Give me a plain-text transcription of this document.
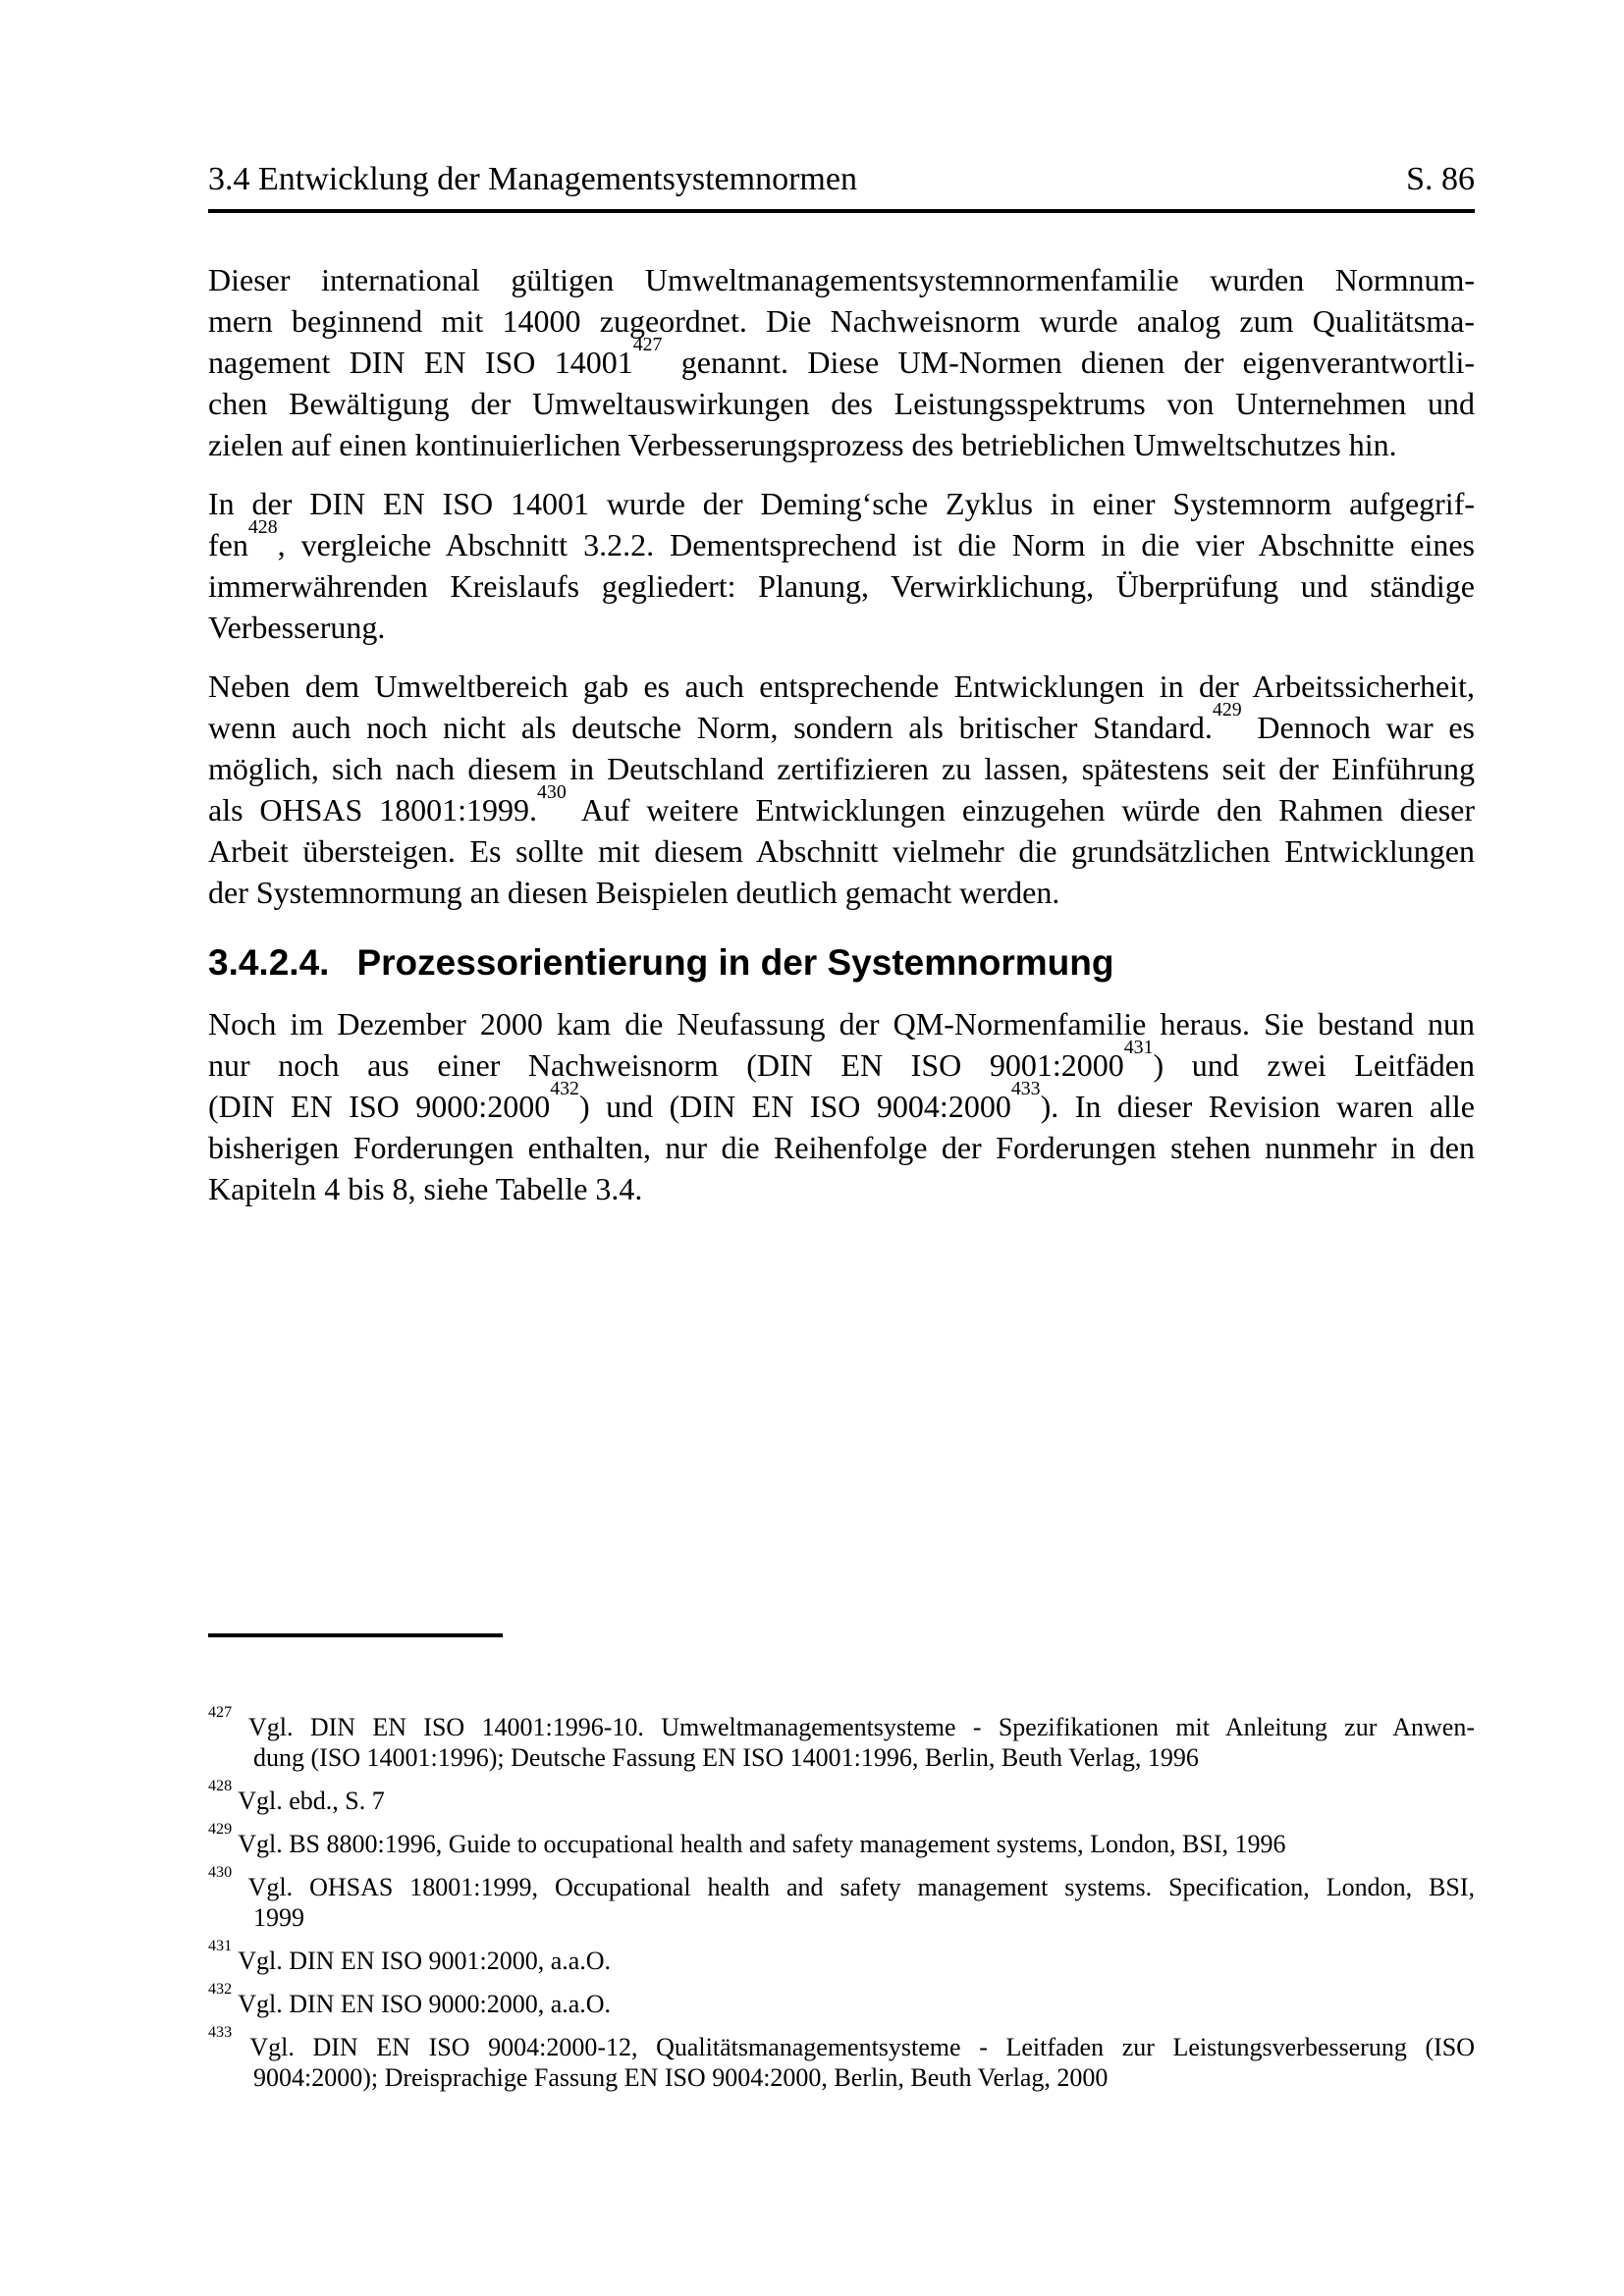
3.4 Entwicklung der Managementsystemnormen	S. 86
Dieser international gültigen Umweltmanagementsystemnormenfamilie wurden Normnum-
mern beginnend mit 14000 zugeordnet. Die Nachweisnorm wurde analog zum Qualitätsma-
nagement DIN EN ISO 14001$^{427}$ genannt. Diese UM-Normen dienen der eigenverantwortli-
chen Bewältigung der Umweltauswirkungen des Leistungsspektrums von Unternehmen und
zielen auf einen kontinuierlichen Verbesserungsprozess des betrieblichen Umweltschutzes hin.
In der DIN EN ISO 14001 wurde der Deming‘sche Zyklus in einer Systemnorm aufgegrif-
fen$^{428}$, vergleiche Abschnitt 3.2.2. Dementsprechend ist die Norm in die vier Abschnitte eines
immerwährenden Kreislaufs gegliedert: Planung, Verwirklichung, Überprüfung und ständige
Verbesserung.
Neben dem Umweltbereich gab es auch entsprechende Entwicklungen in der Arbeitssicherheit,
wenn auch noch nicht als deutsche Norm, sondern als britischer Standard.$^{429}$ Dennoch war es
möglich, sich nach diesem in Deutschland zertifizieren zu lassen, spätestens seit der Einführung
als OHSAS 18001:1999.$^{430}$ Auf weitere Entwicklungen einzugehen würde den Rahmen dieser
Arbeit übersteigen. Es sollte mit diesem Abschnitt vielmehr die grundsätzlichen Entwicklungen
der Systemnormung an diesen Beispielen deutlich gemacht werden.
3.4.2.4. Prozessorientierung in der Systemnormung
Noch im Dezember 2000 kam die Neufassung der QM-Normenfamilie heraus. Sie bestand nun
nur noch aus einer Nachweisnorm (DIN EN ISO 9001:2000$^{431}$) und zwei Leitfäden
(DIN EN ISO 9000:2000$^{432}$) und (DIN EN ISO 9004:2000$^{433}$). In dieser Revision waren alle
bisherigen Forderungen enthalten, nur die Reihenfolge der Forderungen stehen nunmehr in den
Kapiteln 4 bis 8, siehe Tabelle 3.4.
$^{427}$ Vgl. DIN EN ISO 14001:1996-10. Umweltmanagementsysteme - Spezifikationen mit Anleitung zur Anwen-
dung (ISO 14001:1996); Deutsche Fassung EN ISO 14001:1996, Berlin, Beuth Verlag, 1996
$^{428}$ Vgl. ebd., S. 7
$^{429}$ Vgl. BS 8800:1996, Guide to occupational health and safety management systems, London, BSI, 1996
$^{430}$ Vgl. OHSAS 18001:1999, Occupational health and safety management systems. Specification, London, BSI,
1999
$^{431}$ Vgl. DIN EN ISO 9001:2000, a.a.O.
$^{432}$ Vgl. DIN EN ISO 9000:2000, a.a.O.
$^{433}$ Vgl. DIN EN ISO 9004:2000-12, Qualitätsmanagementsysteme - Leitfaden zur Leistungsverbesserung (ISO
9004:2000); Dreisprachige Fassung EN ISO 9004:2000, Berlin, Beuth Verlag, 2000
